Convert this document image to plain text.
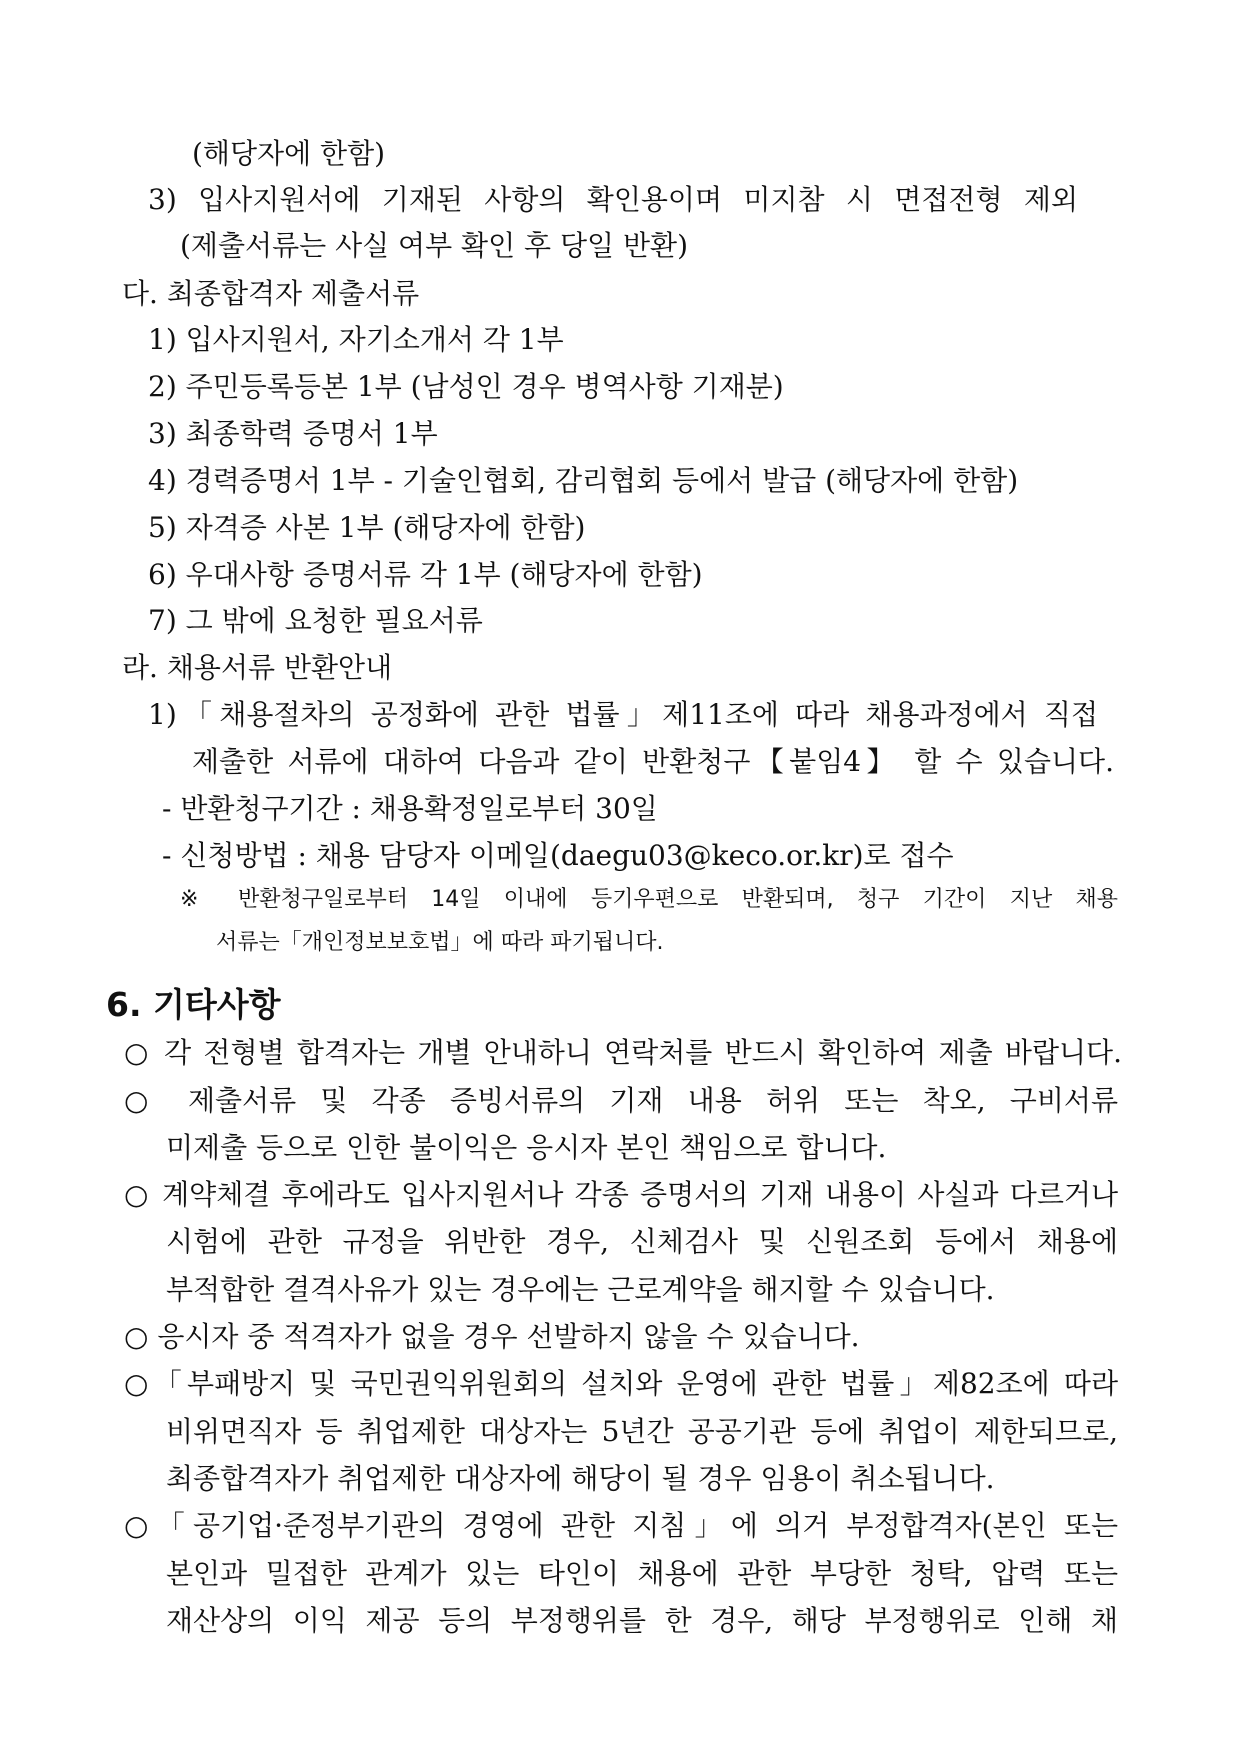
(해당자에 한함)
3) 입사지원서에 기재된 사항의 확인용이며 미지참 시 면접전형 제외
(제출서류는 사실 여부 확인 후 당일 반환)
다. 최종합격자 제출서류
1) 입사지원서, 자기소개서 각 1부
2) 주민등록등본 1부 (남성인 경우 병역사항 기재분)
3) 최종학력 증명서 1부
4) 경력증명서 1부 - 기술인협회, 감리협회 등에서 발급 (해당자에 한함)
5) 자격증 사본 1부 (해당자에 한함)
6) 우대사항 증명서류 각 1부 (해당자에 한함)
7) 그 밖에 요청한 필요서류
라. 채용서류 반환안내
1)「채용절차의 공정화에 관한 법률」제11조에 따라 채용과정에서 직접
제출한 서류에 대하여 다음과 같이 반환청구【붙임4】 할 수 있습니다.
- 반환청구기간 : 채용확정일로부터 30일
- 신청방법 : 채용 담당자 이메일(daegu03@keco.or.kr)로 접수
※ 반환청구일로부터 14일 이내에 등기우편으로 반환되며, 청구 기간이 지난 채용
서류는「개인정보보호법」에 따라 파기됩니다.
6. 기타사항
○ 각 전형별 합격자는 개별 안내하니 연락처를 반드시 확인하여 제출 바랍니다.
○ 제출서류 및 각종 증빙서류의 기재 내용 허위 또는 착오, 구비서류
미제출 등으로 인한 불이익은 응시자 본인 책임으로 합니다.
○ 계약체결 후에라도 입사지원서나 각종 증명서의 기재 내용이 사실과 다르거나
시험에 관한 규정을 위반한 경우, 신체검사 및 신원조회 등에서 채용에
부적합한 결격사유가 있는 경우에는 근로계약을 해지할 수 있습니다.
○ 응시자 중 적격자가 없을 경우 선발하지 않을 수 있습니다.
○「부패방지 및 국민권익위원회의 설치와 운영에 관한 법률」제82조에 따라
비위면직자 등 취업제한 대상자는 5년간 공공기관 등에 취업이 제한되므로,
최종합격자가 취업제한 대상자에 해당이 될 경우 임용이 취소됩니다.
○「공기업·준정부기관의 경영에 관한 지침」에 의거 부정합격자(본인 또는
본인과 밀접한 관계가 있는 타인이 채용에 관한 부당한 청탁, 압력 또는
재산상의 이익 제공 등의 부정행위를 한 경우, 해당 부정행위로 인해 채
